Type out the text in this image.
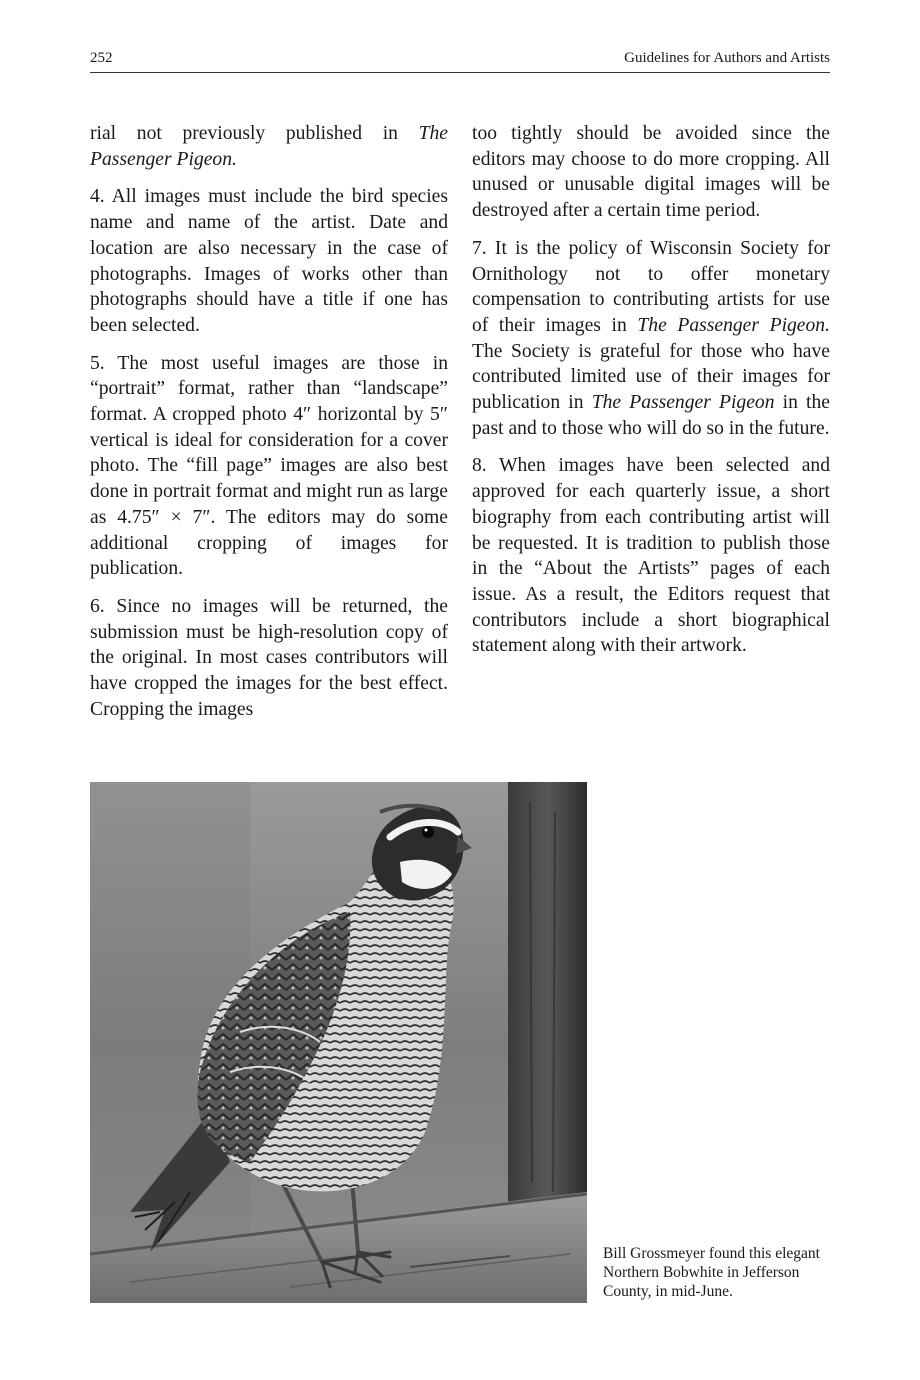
252	Guidelines for Authors and Artists

rial not previously published in The Passenger Pigeon.

4. All images must include the bird species name and name of the artist. Date and location are also necessary in the case of photographs. Images of works other than photographs should have a title if one has been selected.

5. The most useful images are those in “portrait” format, rather than “landscape” format. A cropped photo 4″ horizontal by 5″ vertical is ideal for consideration for a cover photo. The “fill page” images are also best done in portrait format and might run as large as 4.75″ × 7″. The editors may do some additional cropping of images for publication.

6. Since no images will be returned, the submission must be high-resolution copy of the original. In most cases contributors will have cropped the images for the best effect. Cropping the images

too tightly should be avoided since the editors may choose to do more cropping. All unused or unusable digital images will be destroyed after a certain time period.

7. It is the policy of Wisconsin Society for Ornithology not to offer monetary compensation to contributing artists for use of their images in The Passenger Pigeon. The Society is grateful for those who have contributed limited use of their images for publication in The Passenger Pigeon in the past and to those who will do so in the future.

8. When images have been selected and approved for each quarterly issue, a short biography from each contributing artist will be requested. It is tradition to publish those in the “About the Artists” pages of each issue. As a result, the Editors request that contributors include a short biographical statement along with their artwork.

Bill Grossmeyer found this elegant Northern Bobwhite in Jefferson County, in mid-June.
